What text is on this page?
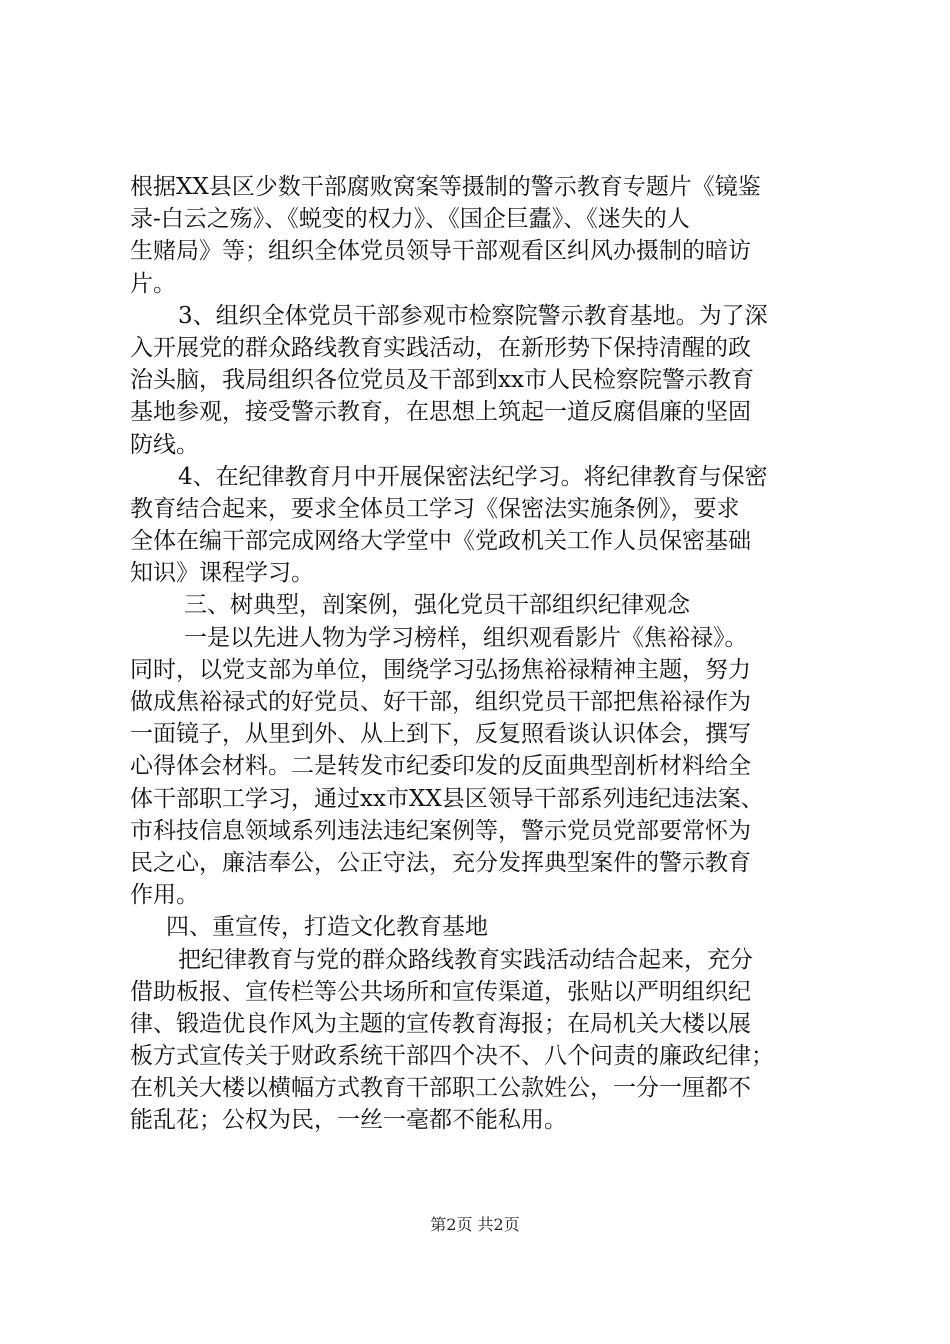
根据XX县区少数干部腐败窝案等摄制的警示教育专题片《镜鉴
录-白云之殇》、《蜕变的权力》、《国企巨蠹》、《迷失的人
生赌局》等；组织全体党员领导干部观看区纠风办摄制的暗访
片。
3、组织全体党员干部参观市检察院警示教育基地。为了深
入开展党的群众路线教育实践活动，在新形势下保持清醒的政
治头脑，我局组织各位党员及干部到xx市人民检察院警示教育
基地参观，接受警示教育，在思想上筑起一道反腐倡廉的坚固
防线。
4、在纪律教育月中开展保密法纪学习。将纪律教育与保密
教育结合起来，要求全体员工学习《保密法实施条例》，要求
全体在编干部完成网络大学堂中《党政机关工作人员保密基础
知识》课程学习。
三、树典型，剖案例，强化党员干部组织纪律观念
一是以先进人物为学习榜样，组织观看影片《焦裕禄》。
同时，以党支部为单位，围绕学习弘扬焦裕禄精神主题，努力
做成焦裕禄式的好党员、好干部，组织党员干部把焦裕禄作为
一面镜子，从里到外、从上到下，反复照看谈认识体会，撰写
心得体会材料。二是转发市纪委印发的反面典型剖析材料给全
体干部职工学习，通过xx市XX县区领导干部系列违纪违法案、
市科技信息领域系列违法违纪案例等，警示党员党部要常怀为
民之心，廉洁奉公，公正守法，充分发挥典型案件的警示教育
作用。
四、重宣传，打造文化教育基地
把纪律教育与党的群众路线教育实践活动结合起来，充分
借助板报、宣传栏等公共场所和宣传渠道，张贴以严明组织纪
律、锻造优良作风为主题的宣传教育海报；在局机关大楼以展
板方式宣传关于财政系统干部四个决不、八个问责的廉政纪律；
在机关大楼以横幅方式教育干部职工公款姓公，一分一厘都不
能乱花；公权为民，一丝一毫都不能私用。
第2页 共2页
